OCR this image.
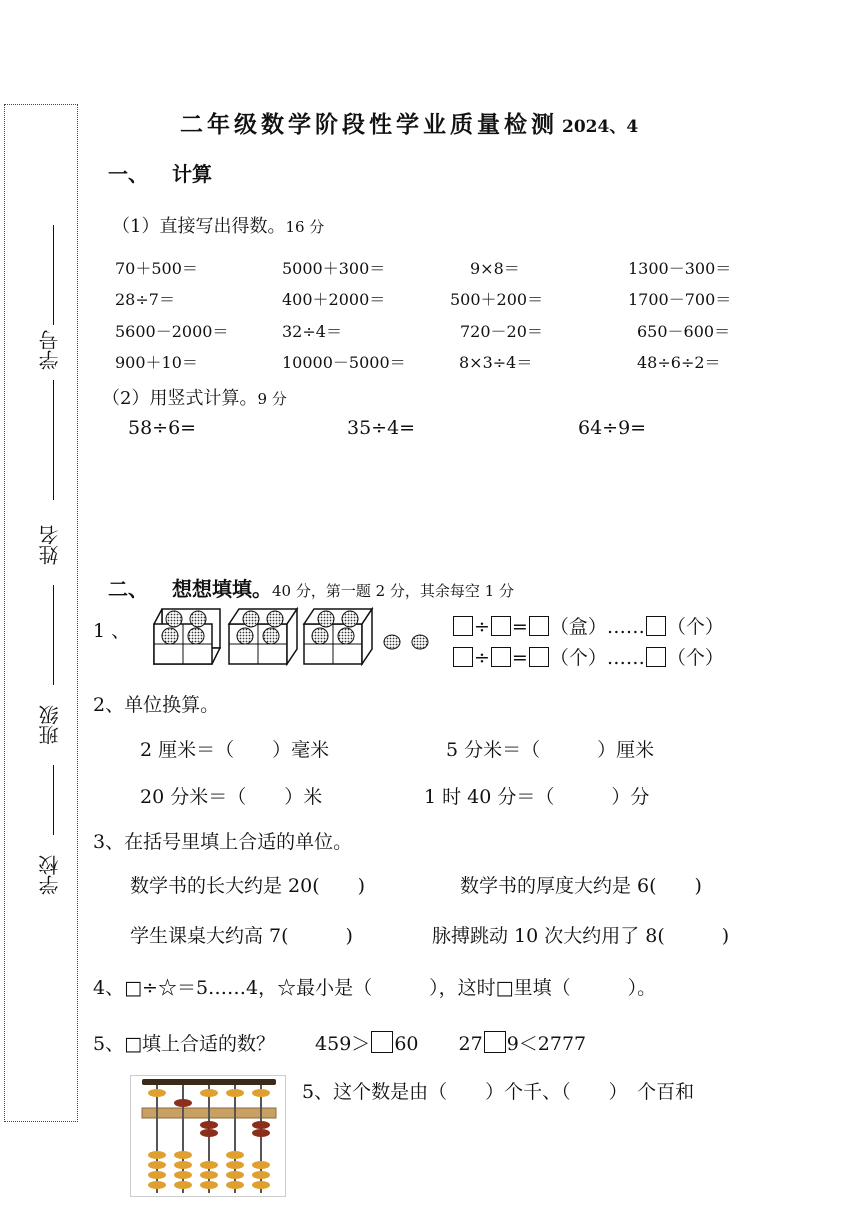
学号
姓名
班级
学校
二年级数学阶段性学业质量检测 2024、4
一、 计算
（1）直接写出得数。16 分
70＋500＝	5000＋300＝	9×8＝	1300－300＝
28÷7＝	400＋2000＝	500＋200＝	1700－700＝
5600－2000＝	32÷4＝	720－20＝	650－600＝
900＋10＝	10000－5000＝	8×3÷4＝	48÷6÷2＝
（2）用竖式计算。9 分
58÷6=	35÷4=	64÷9=
二、 想想填填。40 分，第一题 2 分，其余每空 1 分
1 、	÷ = （盒）…… （个）
÷ = （个）…… （个）
2、单位换算。
2 厘米＝（　　）毫米	5 分米＝（　　　）厘米
20 分米＝（　　）米	1 时 40 分＝（　　　）分
3、在括号里填上合适的单位。
数学书的长大约是 20(　　)	数学书的厚度大约是 6(　　)
学生课桌大约高 7(　　　)	脉搏跳动 10 次大约用了 8(　　　)
4、□÷☆＝5……4，☆最小是（　　　），这时□里填（　　　）。
5、□填上合适的数？ 459＞ 60 27 9＜2777
5、这个数是由（　　）个千、（　　）　个百和
